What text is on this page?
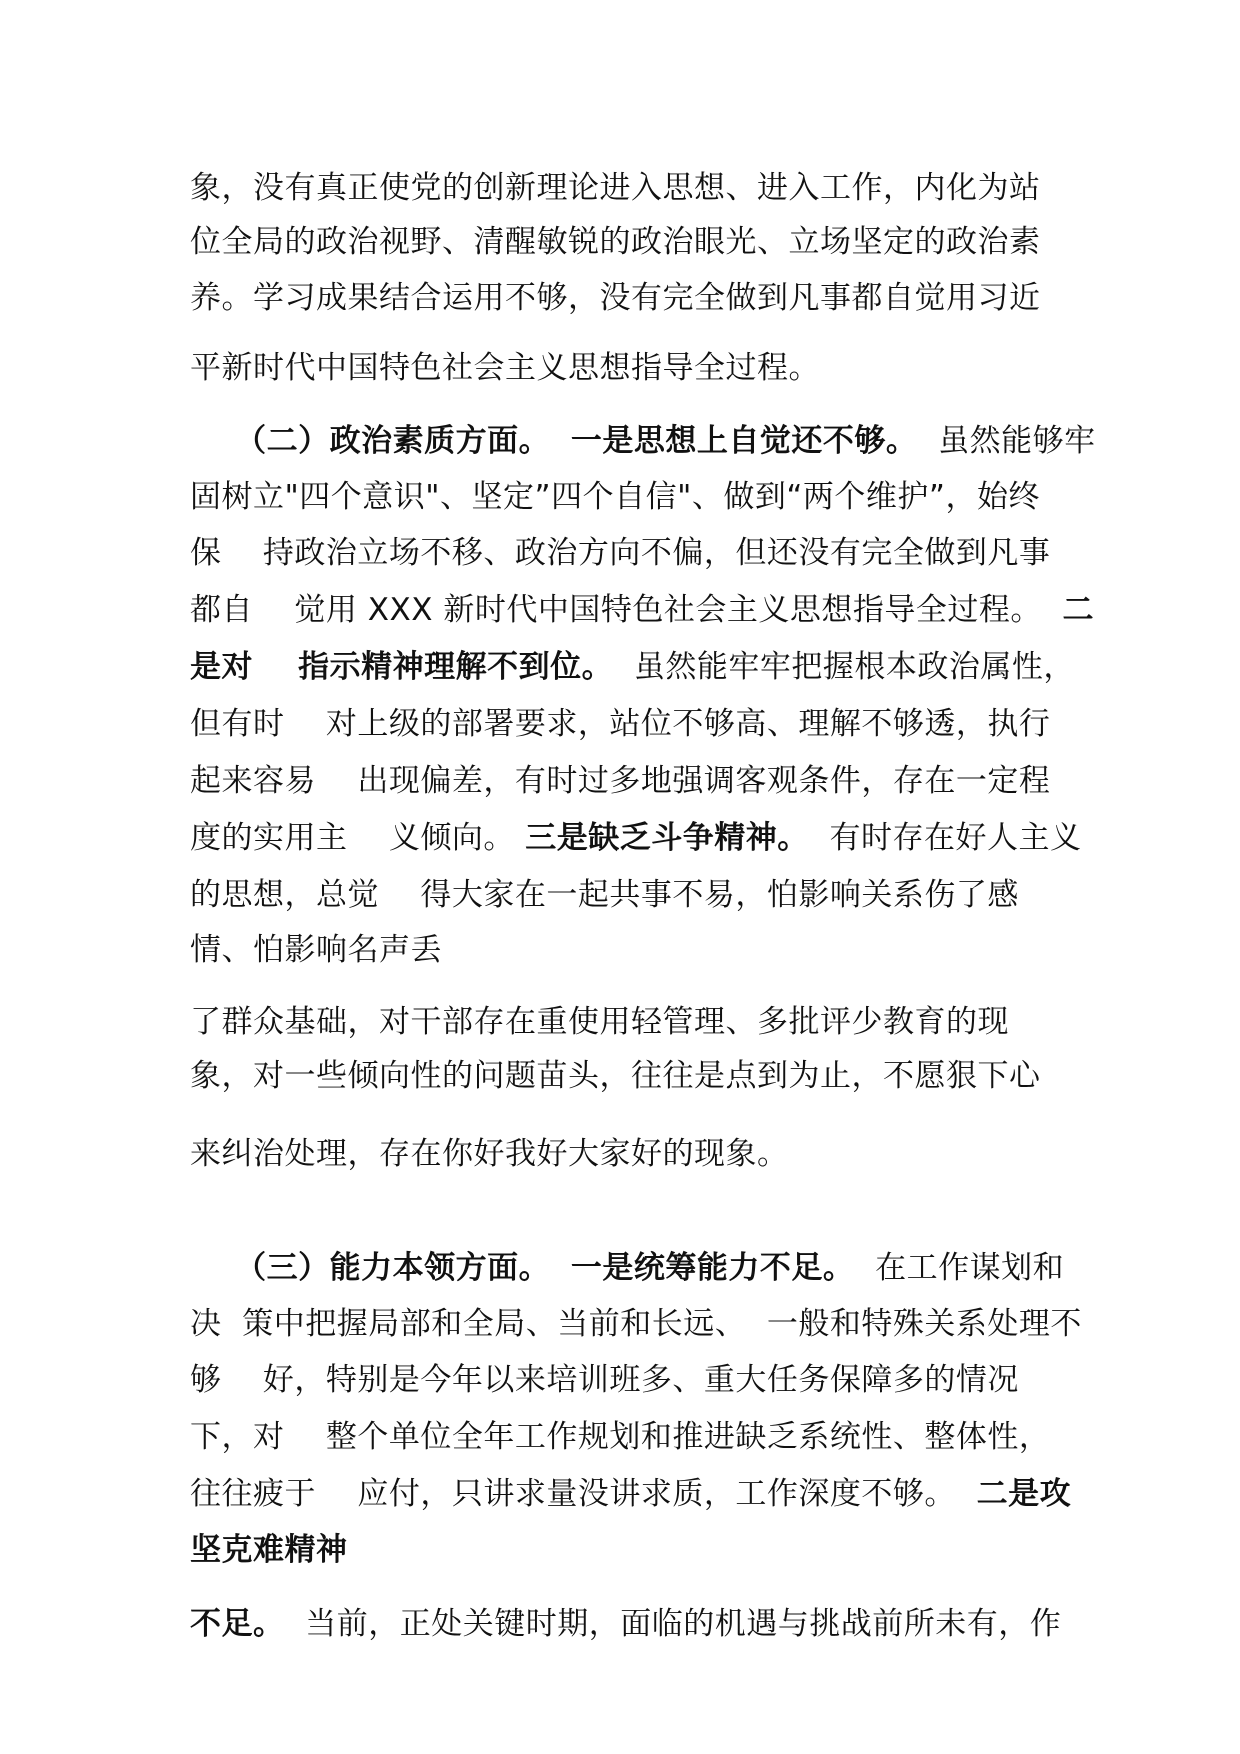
象，没有真正使党的创新理论进入思想、进入工作，内化为站
位全局的政治视野、清醒敏锐的政治眼光、立场坚定的政治素
养。学习成果结合运用不够，没有完全做到凡事都自觉用习近
平新时代中国特色社会主义思想指导全过程。
（二）政治素质方面。 一是思想上自觉还不够。  虽然能够牢
固树立"四个意识"、坚定”四个自信"、做到“两个维护”，始终
保    持政治立场不移、政治方向不偏，但还没有完全做到凡事
都自    觉用 XXX 新时代中国特色社会主义思想指导全过程。  二
是对    指示精神理解不到位。  虽然能牢牢把握根本政治属性，
但有时    对上级的部署要求，站位不够高、理解不够透，执行
起来容易    出现偏差，有时过多地强调客观条件，存在一定程
度的实用主    义倾向。 三是缺乏斗争精神。  有时存在好人主义
的思想，总觉    得大家在一起共事不易，怕影响关系伤了感
情、怕影响名声丢
了群众基础，对干部存在重使用轻管理、多批评少教育的现
象，对一些倾向性的问题苗头，往往是点到为止，不愿狠下心
来纠治处理，存在你好我好大家好的现象。
（三）能力本领方面。 一是统筹能力不足。  在工作谋划和
决  策中把握局部和全局、当前和长远、  一般和特殊关系处理不
够    好，特别是今年以来培训班多、重大任务保障多的情况
下，对    整个单位全年工作规划和推进缺乏系统性、整体性，
往往疲于    应付，只讲求量没讲求质，工作深度不够。  二是攻
坚克难精神
不足。  当前，正处关键时期，面临的机遇与挑战前所未有，作
